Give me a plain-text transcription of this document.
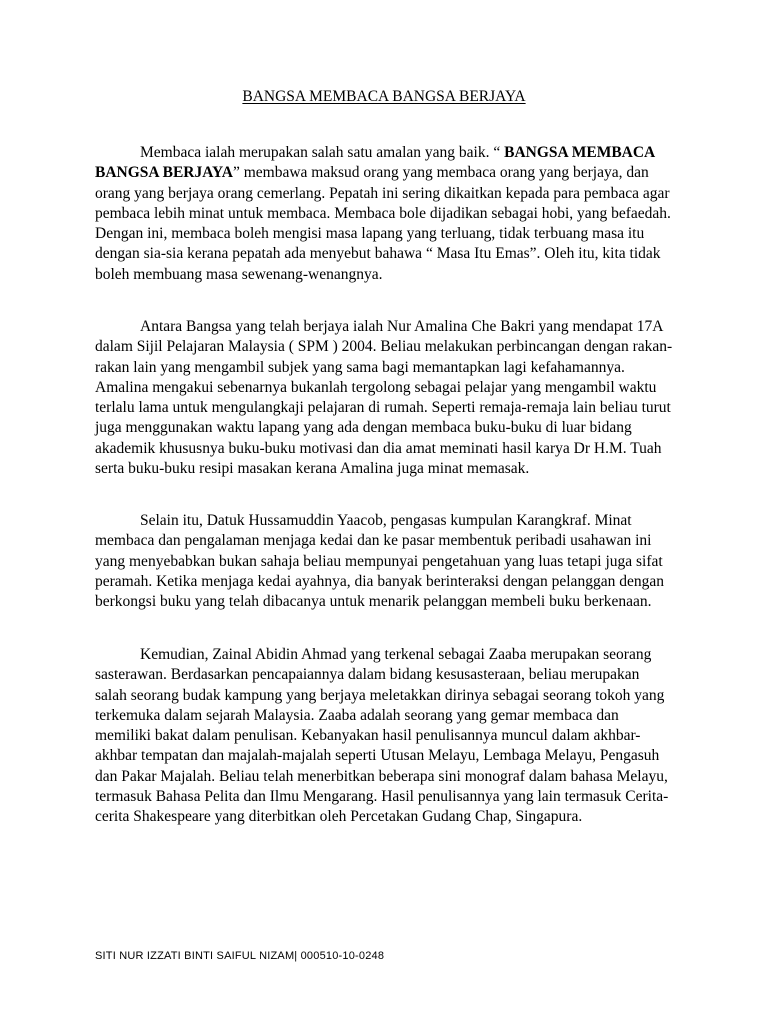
BANGSA MEMBACA BANGSA BERJAYA

Membaca ialah merupakan salah satu amalan yang baik. “ BANGSA MEMBACA BANGSA BERJAYA” membawa maksud orang yang membaca orang yang berjaya, dan orang yang berjaya orang cemerlang. Pepatah ini sering dikaitkan kepada para pembaca agar pembaca lebih minat untuk membaca. Membaca bole dijadikan sebagai hobi, yang befaedah. Dengan ini, membaca boleh mengisi masa lapang yang terluang, tidak terbuang masa itu dengan sia-sia kerana pepatah ada menyebut bahawa “ Masa Itu Emas”. Oleh itu, kita tidak boleh membuang masa sewenang-wenangnya.

Antara Bangsa yang telah berjaya ialah Nur Amalina Che Bakri yang mendapat 17A dalam Sijil Pelajaran Malaysia ( SPM ) 2004. Beliau melakukan perbincangan dengan rakan-rakan lain yang mengambil subjek yang sama bagi memantapkan lagi kefahamannya. Amalina mengakui sebenarnya bukanlah tergolong sebagai pelajar yang mengambil waktu terlalu lama untuk mengulangkaji pelajaran di rumah. Seperti remaja-remaja lain beliau turut juga menggunakan waktu lapang yang ada dengan membaca buku-buku di luar bidang akademik khususnya buku-buku motivasi dan dia amat meminati hasil karya Dr H.M. Tuah serta buku-buku resipi masakan kerana Amalina juga minat memasak.

Selain itu, Datuk Hussamuddin Yaacob, pengasas kumpulan Karangkraf. Minat membaca dan pengalaman menjaga kedai dan ke pasar membentuk peribadi usahawan ini yang menyebabkan bukan sahaja beliau mempunyai pengetahuan yang luas tetapi juga sifat peramah. Ketika menjaga kedai ayahnya, dia banyak berinteraksi dengan pelanggan dengan berkongsi buku yang telah dibacanya untuk menarik pelanggan membeli buku berkenaan.

Kemudian, Zainal Abidin Ahmad yang terkenal sebagai Zaaba merupakan seorang sasterawan. Berdasarkan pencapaiannya dalam bidang kesusasteraan, beliau merupakan salah seorang budak kampung yang berjaya meletakkan dirinya sebagai seorang tokoh yang terkemuka dalam sejarah Malaysia. Zaaba adalah seorang yang gemar membaca dan memiliki bakat dalam penulisan. Kebanyakan hasil penulisannya muncul dalam akhbar-akhbar tempatan dan majalah-majalah seperti Utusan Melayu, Lembaga Melayu, Pengasuh dan Pakar Majalah. Beliau telah menerbitkan beberapa sini monograf dalam bahasa Melayu, termasuk Bahasa Pelita dan Ilmu Mengarang. Hasil penulisannya yang lain termasuk Cerita-cerita Shakespeare yang diterbitkan oleh Percetakan Gudang Chap, Singapura.

SITI NUR IZZATI BINTI SAIFUL NIZAM| 000510-10-0248
